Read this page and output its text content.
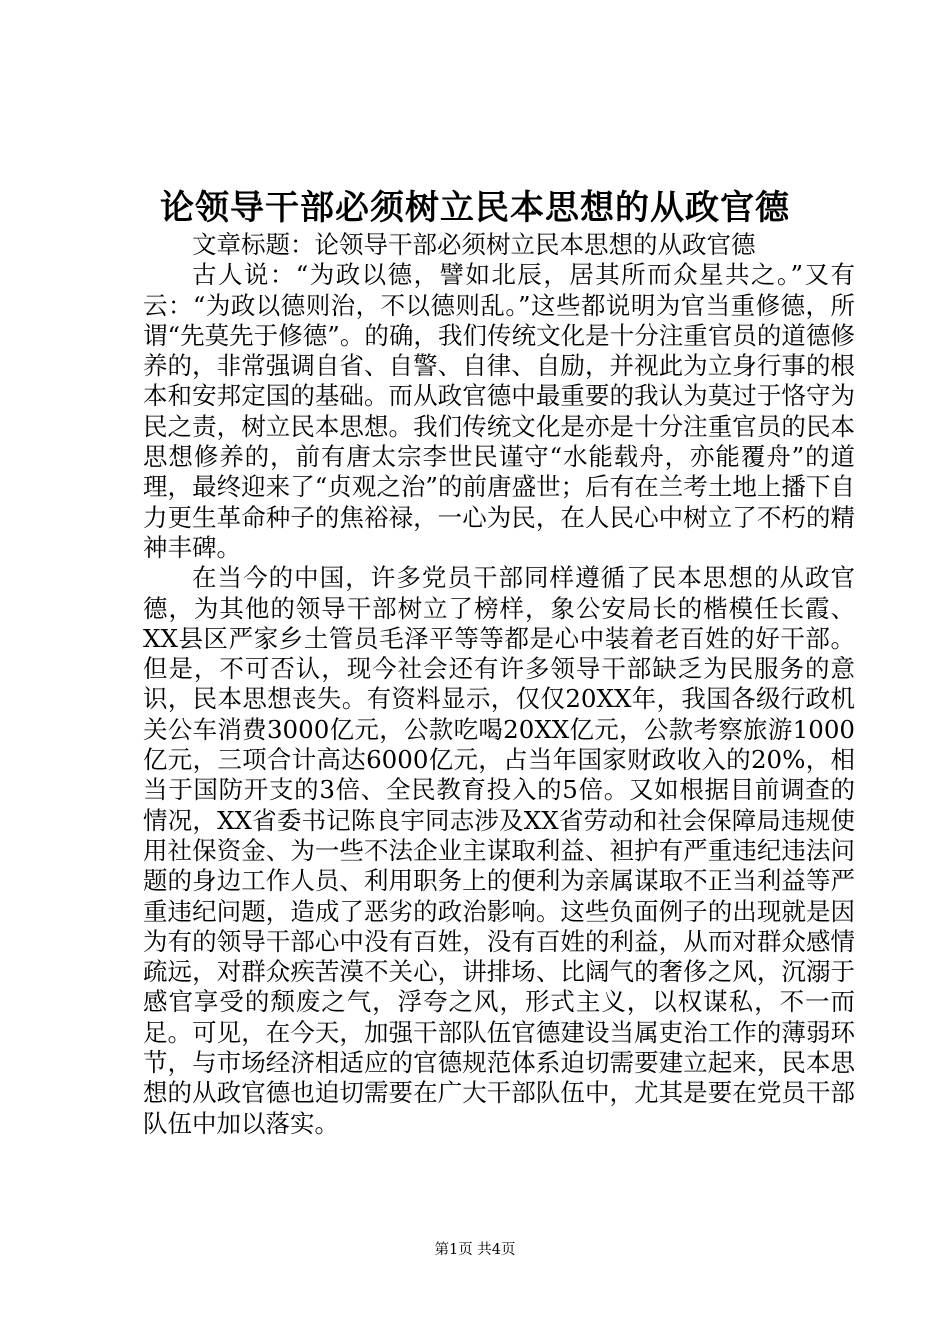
论领导干部必须树立民本思想的从政官德

文章标题：论领导干部必须树立民本思想的从政官德

古人说：“为政以德，譬如北辰，居其所而众星共之。”又有云：“为政以德则治，不以德则乱。”这些都说明为官当重修德，所谓“先莫先于修德”。的确，我们传统文化是十分注重官员的道德修养的，非常强调自省、自警、自律、自励，并视此为立身行事的根本和安邦定国的基础。而从政官德中最重要的我认为莫过于恪守为民之责，树立民本思想。我们传统文化是亦是十分注重官员的民本思想修养的，前有唐太宗李世民谨守“水能载舟，亦能覆舟”的道理，最终迎来了“贞观之治”的前唐盛世；后有在兰考土地上播下自力更生革命种子的焦裕禄，一心为民，在人民心中树立了不朽的精神丰碑。

在当今的中国，许多党员干部同样遵循了民本思想的从政官德，为其他的领导干部树立了榜样，象公安局长的楷模任长霞、XX县区严家乡土管员毛泽平等等都是心中装着老百姓的好干部。但是，不可否认，现今社会还有许多领导干部缺乏为民服务的意识，民本思想丧失。有资料显示，仅仅20XX年，我国各级行政机关公车消费3000亿元，公款吃喝20XX亿元，公款考察旅游1000亿元，三项合计高达6000亿元，占当年国家财政收入的20%，相当于国防开支的3倍、全民教育投入的5倍。又如根据目前调查的情况，XX省委书记陈良宇同志涉及XX省劳动和社会保障局违规使用社保资金、为一些不法企业主谋取利益、袒护有严重违纪违法问题的身边工作人员、利用职务上的便利为亲属谋取不正当利益等严重违纪问题，造成了恶劣的政治影响。这些负面例子的出现就是因为有的领导干部心中没有百姓，没有百姓的利益，从而对群众感情疏远，对群众疾苦漠不关心，讲排场、比阔气的奢侈之风，沉溺于感官享受的颓废之气，浮夸之风，形式主义，以权谋私，不一而足。可见，在今天，加强干部队伍官德建设当属吏治工作的薄弱环节，与市场经济相适应的官德规范体系迫切需要建立起来，民本思想的从政官德也迫切需要在广大干部队伍中，尤其是要在党员干部队伍中加以落实。

第1页 共4页
